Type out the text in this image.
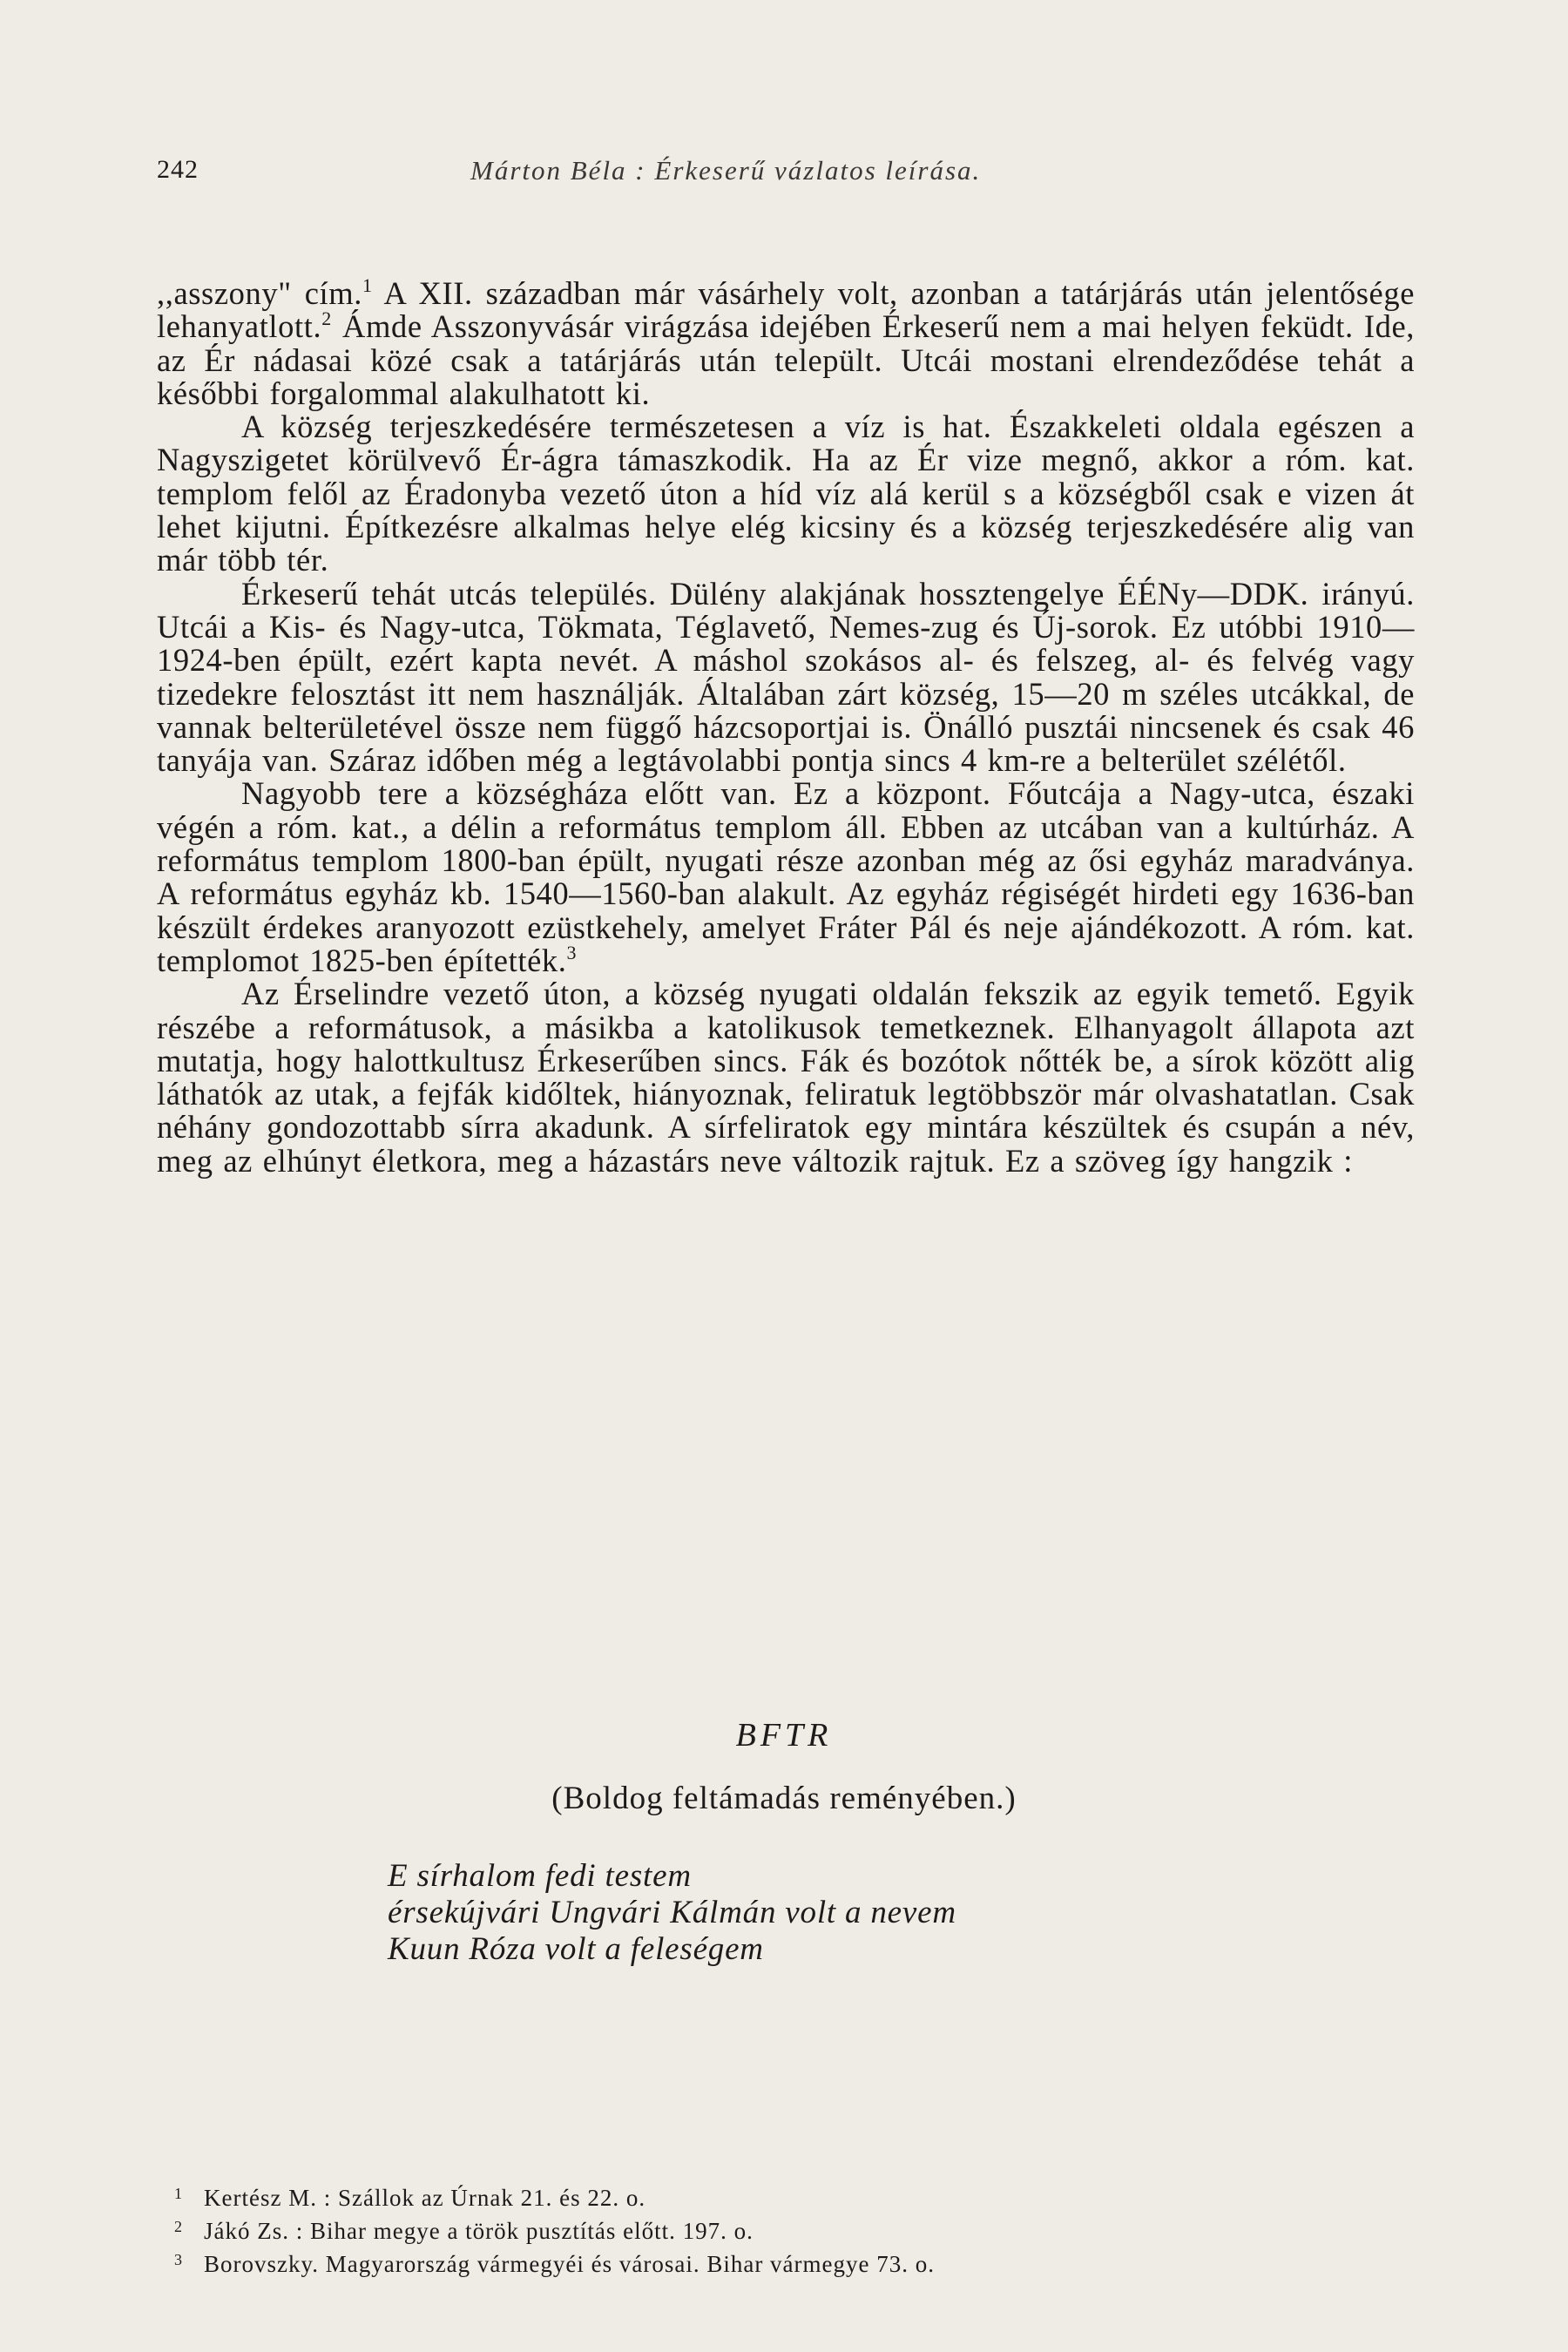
242	Márton Béla : Érkeserű vázlatos leírása.

,,asszony" cím.$^1$ A XII. században már vásárhely volt, azonban a tatárjárás után jelentősége lehanyatlott.$^2$ Ámde Asszonyvásár virágzása idejében Érkeserű nem a mai helyen feküdt. Ide, az Ér nádasai közé csak a tatárjárás után települt. Utcái mostani elrendeződése tehát a későbbi forgalommal alakulhatott ki.

A község terjeszkedésére természetesen a víz is hat. Északkeleti oldala egészen a Nagyszigetet körülvevő Ér-ágra támaszkodik. Ha az Ér vize megnő, akkor a róm. kat. templom felől az Éradonyba vezető úton a híd víz alá kerül s a községből csak e vizen át lehet kijutni. Építkezésre alkalmas helye elég kicsiny és a község terjeszkedésére alig van már több tér.

Érkeserű tehát utcás település. Dülény alakjának hossztengelye ÉÉNy—DDK. irányú. Utcái a Kis- és Nagy-utca, Tökmata, Téglavető, Nemes-zug és Új-sorok. Ez utóbbi 1910—1924-ben épült, ezért kapta nevét. A máshol szokásos al- és felszeg, al- és felvég vagy tizedekre felosztást itt nem használják. Általában zárt község, 15—20 m széles utcákkal, de vannak belterületével össze nem függő házcsoportjai is. Önálló pusztái nincsenek és csak 46 tanyája van. Száraz időben még a legtávolabbi pontja sincs 4 km-re a belterület szélétől.

Nagyobb tere a községháza előtt van. Ez a központ. Főutcája a Nagy-utca, északi végén a róm. kat., a délin a református templom áll. Ebben az utcában van a kultúrház. A református templom 1800-ban épült, nyugati része azonban még az ősi egyház maradványa. A református egyház kb. 1540—1560-ban alakult. Az egyház régiségét hirdeti egy 1636-ban készült érdekes aranyozott ezüstkehely, amelyet Fráter Pál és neje ajándékozott. A róm. kat. templomot 1825-ben építették.$^3$

Az Érselindre vezető úton, a község nyugati oldalán fekszik az egyik temető. Egyik részébe a reformátusok, a másikba a katolikusok temetkeznek. Elhanyagolt állapota azt mutatja, hogy halottkultusz Érkeserűben sincs. Fák és bozótok nőtték be, a sírok között alig láthatók az utak, a fejfák kidőltek, hiányoznak, feliratuk legtöbbször már olvashatatlan. Csak néhány gondozottabb sírra akadunk. A sírfeliratok egy mintára készültek és csupán a név, meg az elhúnyt életkora, meg a házastárs neve változik rajtuk. Ez a szöveg így hangzik :

BFTR
(Boldog feltámadás reményében.)
E sírhalom fedi testem
érsekújvári Ungvári Kálmán volt a nevem
Kuun Róza volt a feleségem
1 Kertész M. : Szállok az Úrnak 21. és 22. o.
2 Jákó Zs. : Bihar megye a török pusztítás előtt. 197. o.
3 Borovszky. Magyarország vármegyéi és városai. Bihar vármegye 73. o.
